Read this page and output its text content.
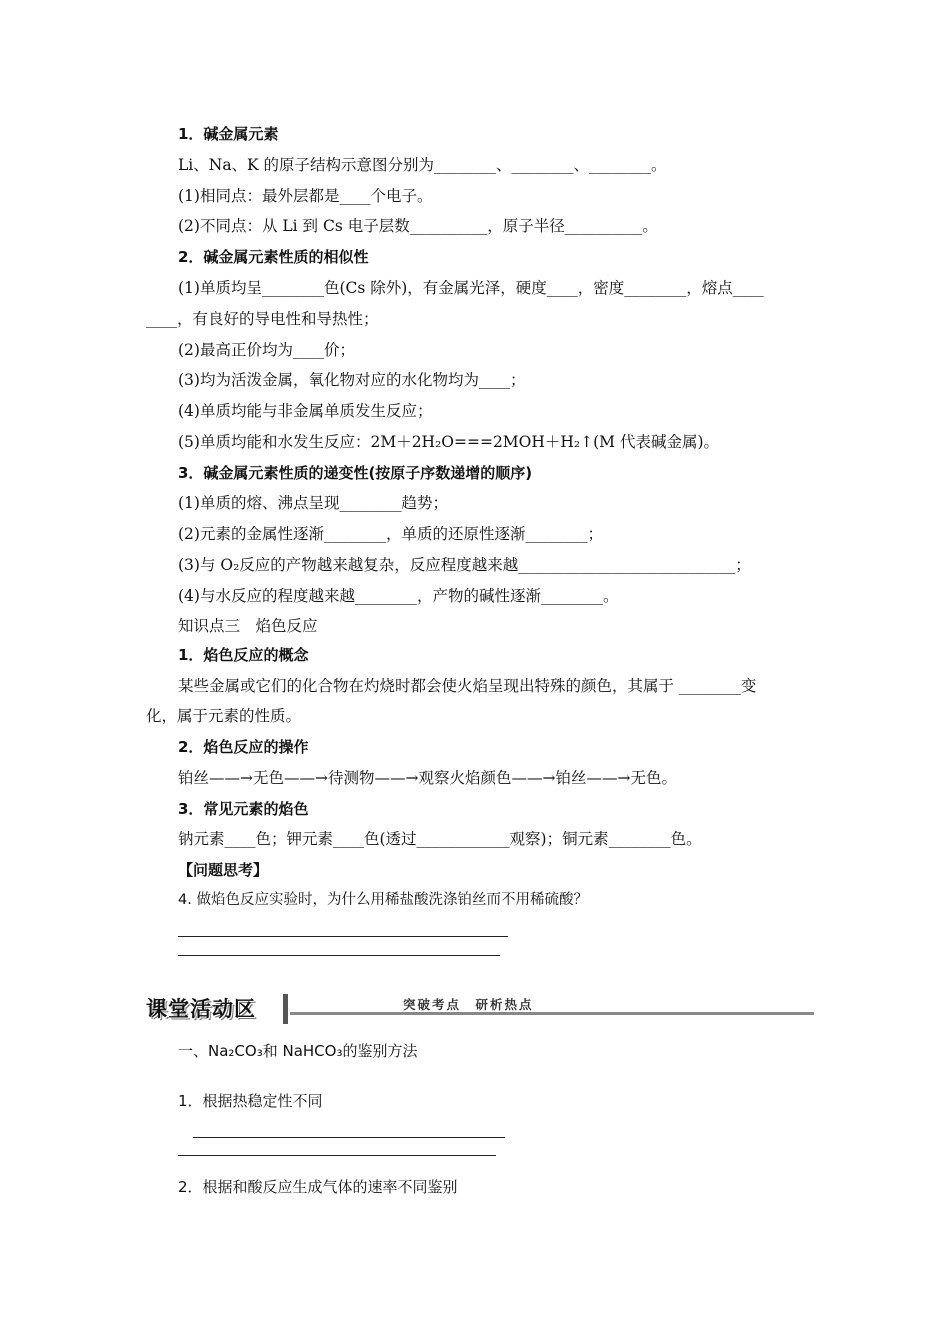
1．碱金属元素
Li、Na、K 的原子结构示意图分别为________、________、________。
(1)相同点：最外层都是____个电子。
(2)不同点：从 Li 到 Cs 电子层数__________，原子半径__________。
2．碱金属元素性质的相似性
(1)单质均呈________色(Cs 除外)，有金属光泽，硬度____，密度________，熔点____
____，有良好的导电性和导热性；
(2)最高正价均为____价；
(3)均为活泼金属，氧化物对应的水化物均为____；
(4)单质均能与非金属单质发生反应；
(5)单质均能和水发生反应：2M＋2H₂O===2MOH＋H₂↑(M 代表碱金属)。
3．碱金属元素性质的递变性(按原子序数递增的顺序)
(1)单质的熔、沸点呈现________趋势；
(2)元素的金属性逐渐________，单质的还原性逐渐________；
(3)与 O₂反应的产物越来越复杂，反应程度越来越____________________________；
(4)与水反应的程度越来越________，产物的碱性逐渐________。
知识点三　焰色反应
1．焰色反应的概念
某些金属或它们的化合物在灼烧时都会使火焰呈现出特殊的颜色，其属于 ________变
化，属于元素的性质。
2．焰色反应的操作
铂丝——→无色——→待测物——→观察火焰颜色——→铂丝——→无色。
3．常见元素的焰色
钠元素____色；钾元素____色(透过____________观察)；铜元素________色。
【问题思考】
4. 做焰色反应实验时，为什么用稀盐酸洗涤铂丝而不用稀硫酸？
课堂活动区	突破考点　研析热点
一、Na₂CO₃和 NaHCO₃的鉴别方法
1．根据热稳定性不同
2．根据和酸反应生成气体的速率不同鉴别
